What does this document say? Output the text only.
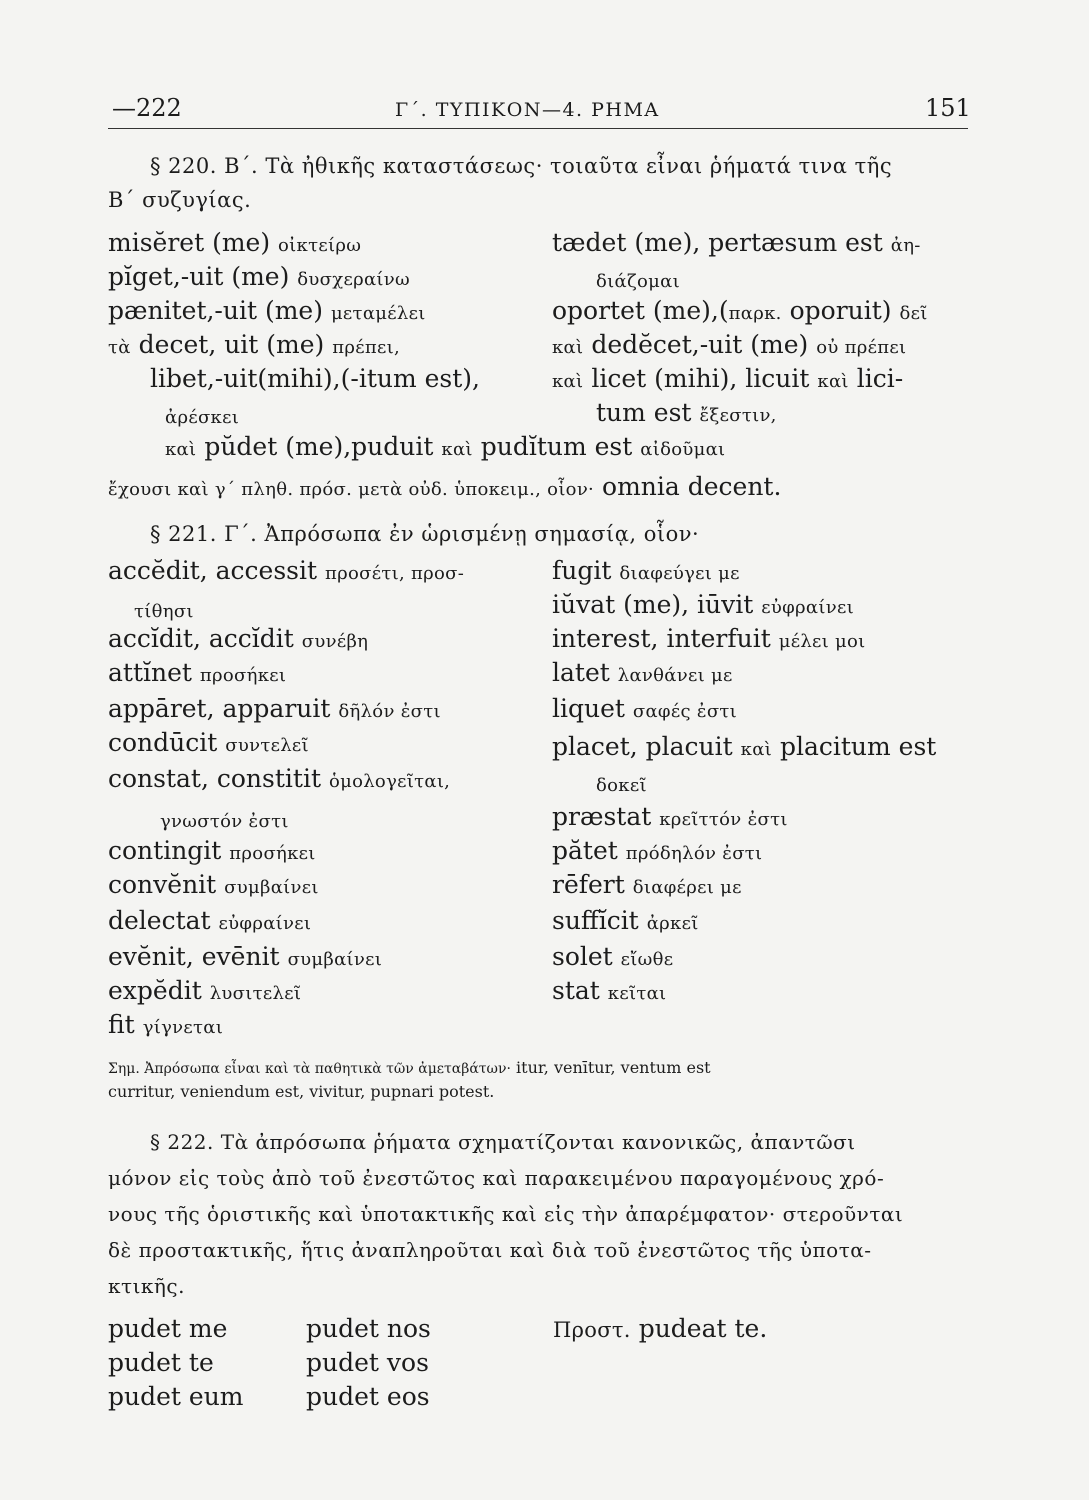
—222	Γ΄. ΤΥΠΙΚΟΝ—4. ΡΗΜΑ	151
§ 220. Β΄. Τὰ ἠθικῆς καταστάσεως· τοιαῦτα εἶναι ῥήματά τινα τῆς
Β΄ συζυγίας.
misĕret (me) οἰκτείρω
pĭget,-uit (me) δυσχεραίνω
pænitet,-uit (me) μεταμέλει
τὰ decet, uit (me) πρέπει,
libet,-uit(mihi),(-itum est),
ἀρέσκει
tædet (me), pertæsum est ἀη-
διάζομαι
oportet (me),(παρκ. oporuit) δεῖ
καὶ dedĕcet,-uit (me) οὐ πρέπει
καὶ licet (mihi), licuit καὶ lici-
tum est ἔξεστιν,
καὶ pŭdet (me),puduit καὶ pudĭtum est αἰδοῦμαι
ἔχουσι καὶ γ΄ πληθ. πρόσ. μετὰ οὐδ. ὑποκειμ., οἷον· omnia decent.
§ 221. Γ΄. Ἀπρόσωπα ἐν ὡρισμένῃ σημασίᾳ, οἷον·
accĕdit, accessit προσέτι, προσ-
τίθησι
accĭdit, accĭdit συνέβη
attĭnet προσήκει
appāret, apparuit δῆλόν ἐστι
condūcit συντελεῖ
constat, constitit ὁμολογεῖται,
γνωστόν ἐστι
contingit προσήκει
convĕnit συμβαίνει
delectat εὐφραίνει
evĕnit, evēnit συμβαίνει
expĕdit λυσιτελεῖ
fit γίγνεται
fugit διαφεύγει με
iŭvat (me), iūvit εὐφραίνει
interest, interfuit μέλει μοι
latet λανθάνει με
liquet σαφές ἐστι
placet, placuit καὶ placitum est
δοκεῖ
præstat κρεῖττόν ἐστι
pătet πρόδηλόν ἐστι
rēfert διαφέρει με
suffĭcit ἀρκεῖ
solet εἴωθε
stat κεῖται
Σημ. Ἀπρόσωπα εἶναι καὶ τὰ παθητικὰ τῶν ἀμεταβάτων· itur, venītur, ventum est
curritur, veniendum est, vivitur, pupnari potest.
§ 222. Τὰ ἀπρόσωπα ῥήματα σχηματίζονται κανονικῶς, ἀπαντῶσι
μόνον εἰς τοὺς ἀπὸ τοῦ ἐνεστῶτος καὶ παρακειμένου παραγομένους χρό-
νους τῆς ὁριστικῆς καὶ ὑποτακτικῆς καὶ εἰς τὴν ἀπαρέμφατον· στεροῦνται
δὲ προστακτικῆς, ἥτις ἀναπληροῦται καὶ διὰ τοῦ ἐνεστῶτος τῆς ὑποτα-
κτικῆς.
pudet me
pudet te
pudet eum
pudet nos
pudet vos
pudet eos
Προστ. pudeat te.
